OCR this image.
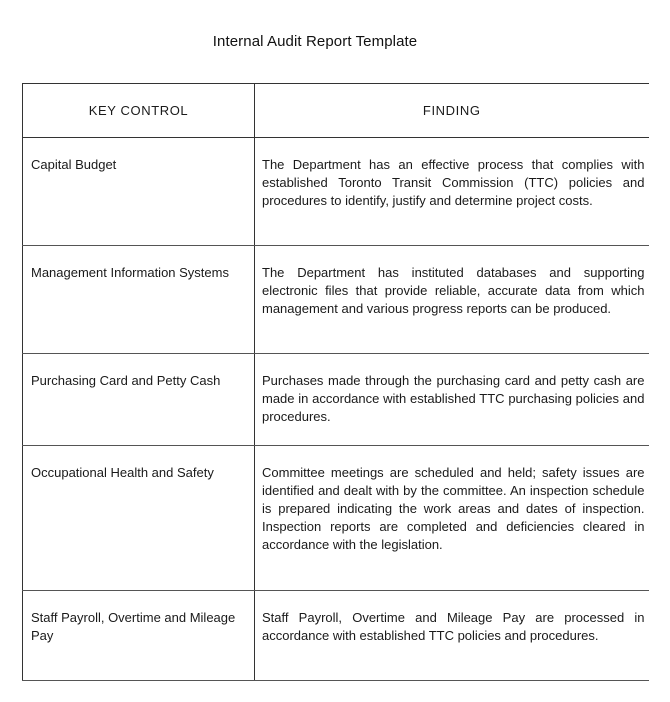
Internal Audit Report Template
KEY CONTROL	FINDING
Capital Budget	The Department has an effective process that complies with established Toronto Transit Commission (TTC) policies and procedures to identify, justify and determine project costs.
Management Information Systems	The Department has instituted databases and supporting electronic files that provide reliable, accurate data from which management and various progress reports can be produced.
Purchasing Card and Petty Cash	Purchases made through the purchasing card and petty cash are made in accordance with established TTC purchasing policies and procedures.
Occupational Health and Safety	Committee meetings are scheduled and held; safety issues are identified and dealt with by the committee. An inspection schedule is prepared indicating the work areas and dates of inspection. Inspection reports are completed and deficiencies cleared in accordance with the legislation.
Staff Payroll, Overtime and Mileage Pay	Staff Payroll, Overtime and Mileage Pay are processed in accordance with established TTC policies and procedures.
